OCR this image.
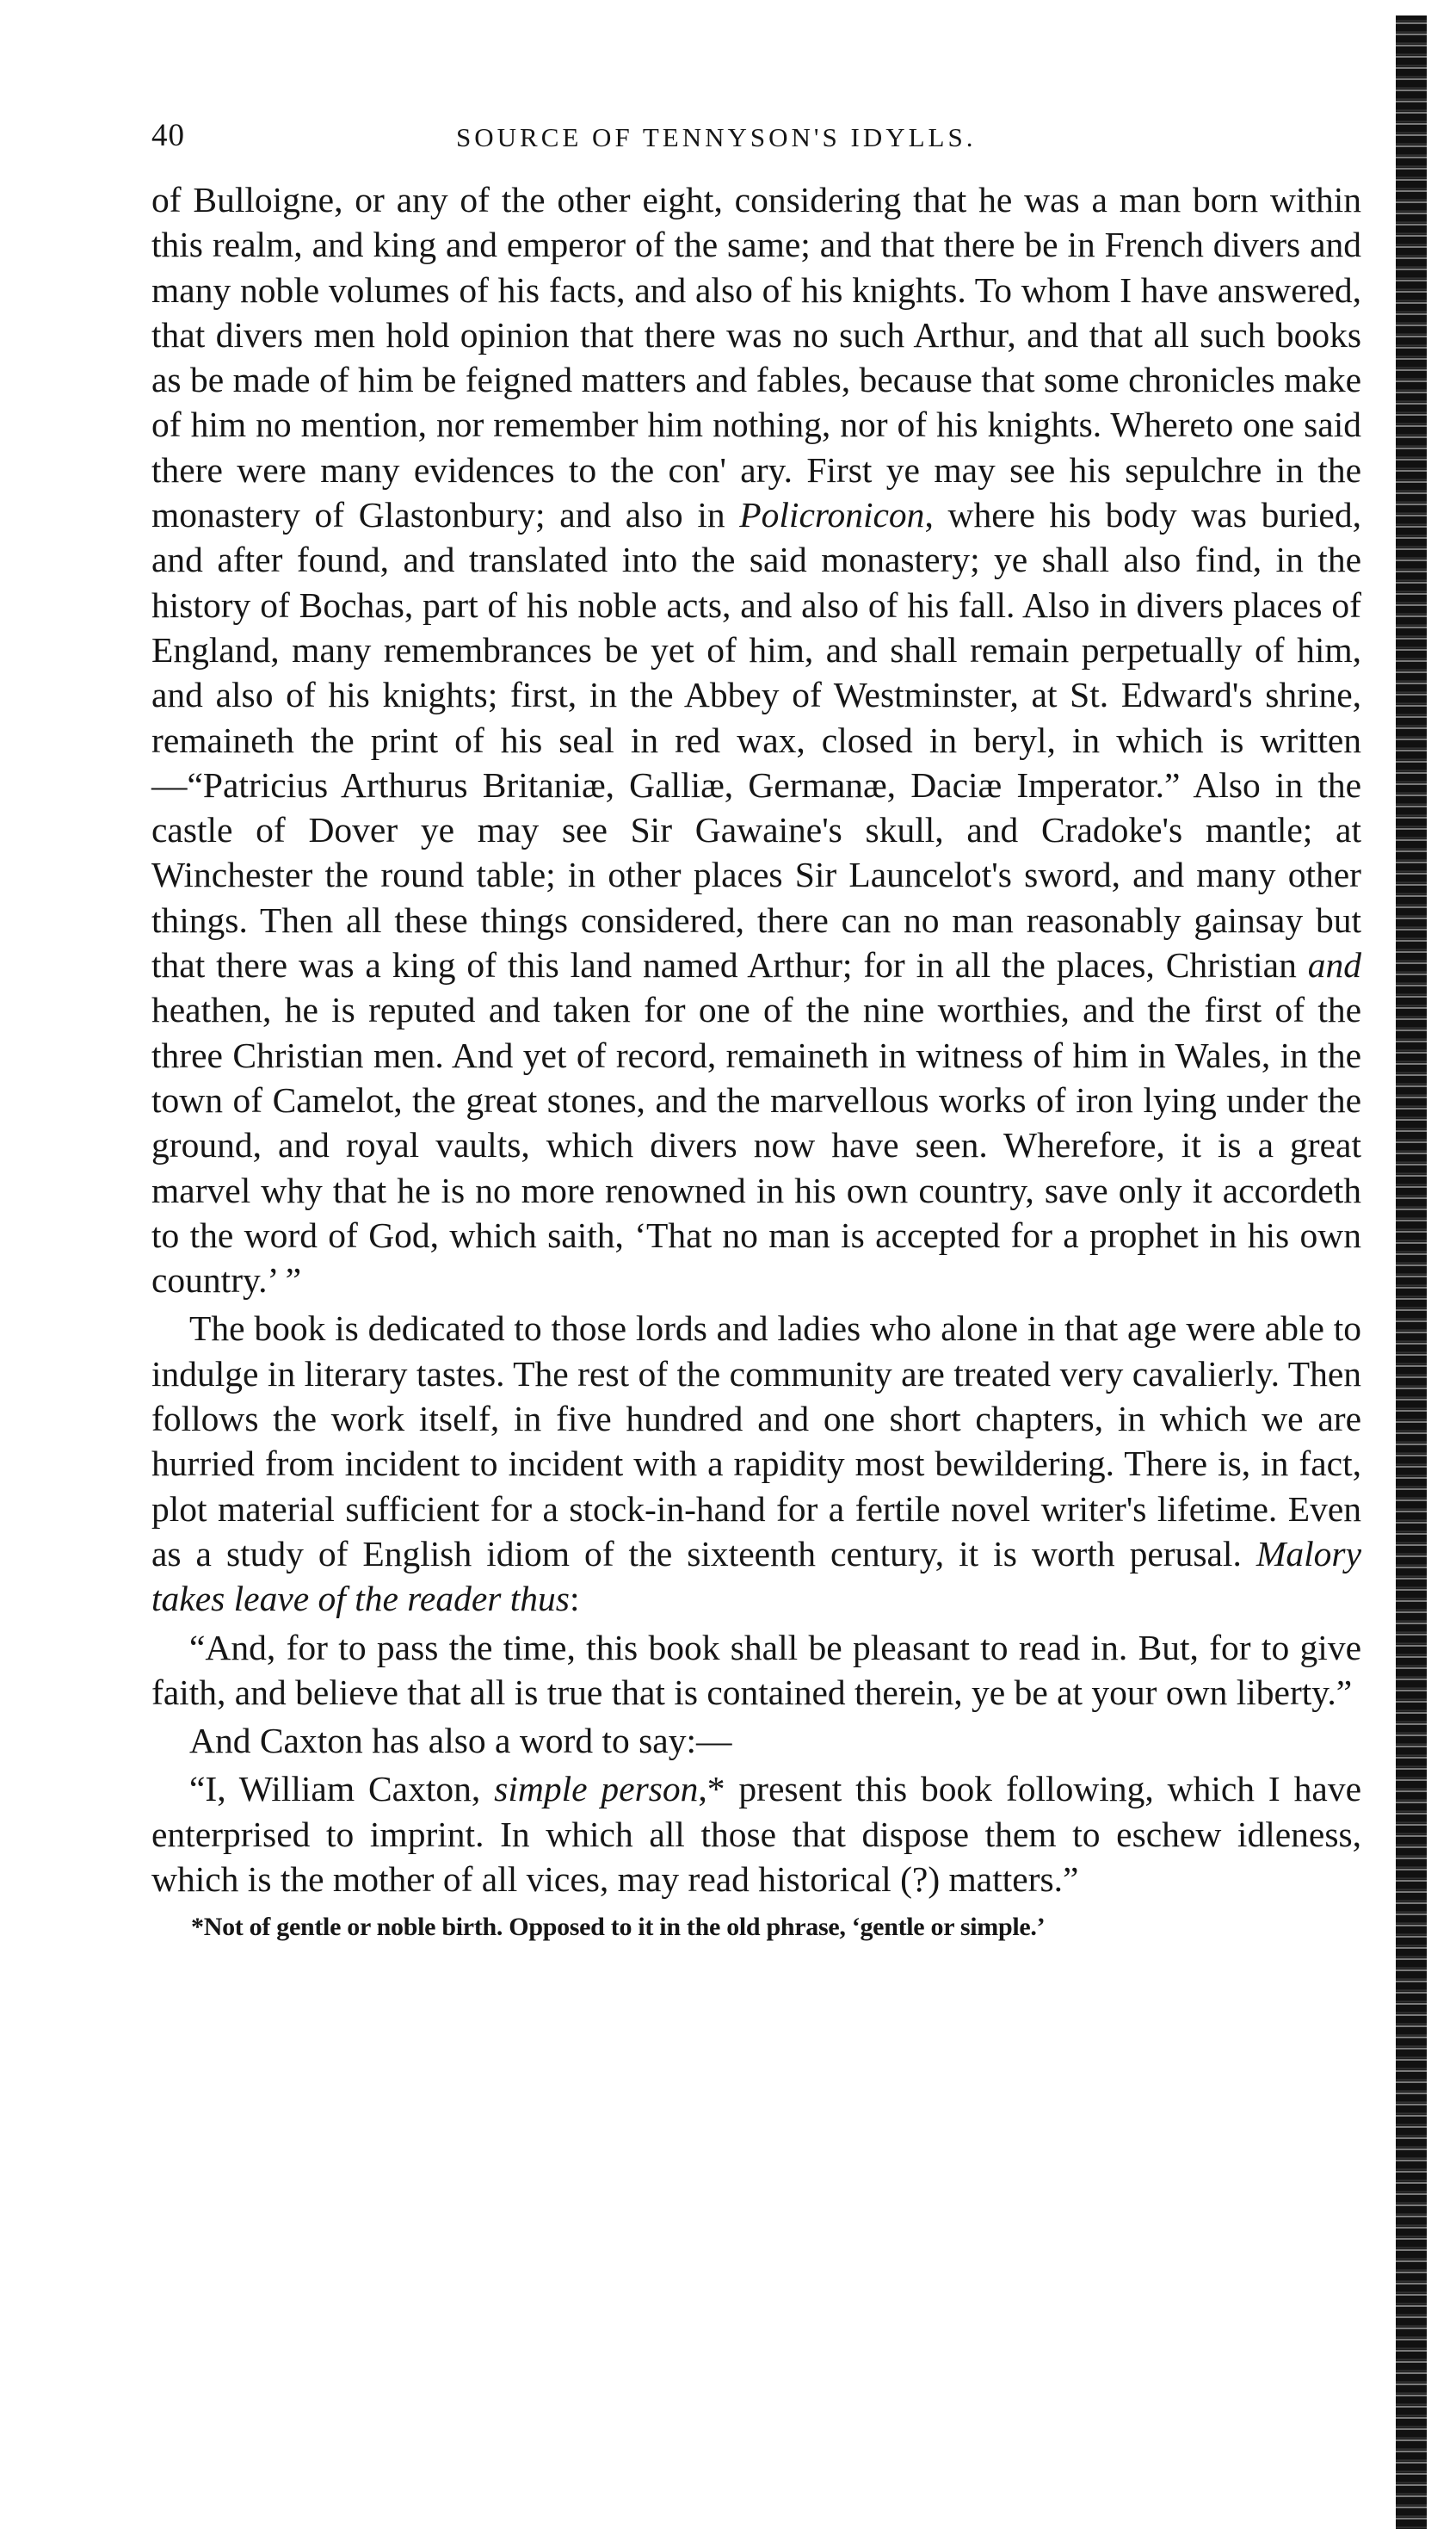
40	SOURCE OF TENNYSON'S IDYLLS.

of Bulloigne, or any of the other eight, considering that he was a man born within this realm, and king and emperor of the same; and that there be in French divers and many noble volumes of his facts, and also of his knights. To whom I have answered, that divers men hold opinion that there was no such Arthur, and that all such books as be made of him be feigned matters and fables, because that some chronicles make of him no mention, nor remember him nothing, nor of his knights. Whereto one said there were many evidences to the con' ary. First ye may see his sepulchre in the monastery of Glastonbury; and also in Policronicon, where his body was buried, and after found, and translated into the said monastery; ye shall also find, in the history of Bochas, part of his noble acts, and also of his fall. Also in divers places of England, many remembrances be yet of him, and shall remain perpetually of him, and also of his knights; first, in the Abbey of Westminster, at St. Edward's shrine, remaineth the print of his seal in red wax, closed in beryl, in which is written—“Patricius Arthurus Britaniæ, Galliæ, Germanæ, Daciæ Imperator.” Also in the castle of Dover ye may see Sir Gawaine's skull, and Cradoke's mantle; at Winchester the round table; in other places Sir Launcelot's sword, and many other things. Then all these things considered, there can no man reasonably gainsay but that there was a king of this land named Arthur; for in all the places, Christian and heathen, he is reputed and taken for one of the nine worthies, and the first of the three Christian men. And yet of record, remaineth in witness of him in Wales, in the town of Camelot, the great stones, and the marvellous works of iron lying under the ground, and royal vaults, which divers now have seen. Wherefore, it is a great marvel why that he is no more renowned in his own country, save only it accordeth to the word of God, which saith, ‘That no man is accepted for a prophet in his own country.’ ”

The book is dedicated to those lords and ladies who alone in that age were able to indulge in literary tastes. The rest of the community are treated very cavalierly. Then follows the work itself, in five hundred and one short chapters, in which we are hurried from incident to incident with a rapidity most bewildering. There is, in fact, plot material sufficient for a stock-in-hand for a fertile novel writer's lifetime. Even as a study of English idiom of the sixteenth century, it is worth perusal. Malory takes leave of the reader thus:

“And, for to pass the time, this book shall be pleasant to read in. But, for to give faith, and believe that all is true that is contained therein, ye be at your own liberty.”

And Caxton has also a word to say:—

“I, William Caxton, simple person,* present this book following, which I have enterprised to imprint. In which all those that dispose them to eschew idleness, which is the mother of all vices, may read historical (?) matters.”

*Not of gentle or noble birth. Opposed to it in the old phrase, ‘gentle or simple.’
